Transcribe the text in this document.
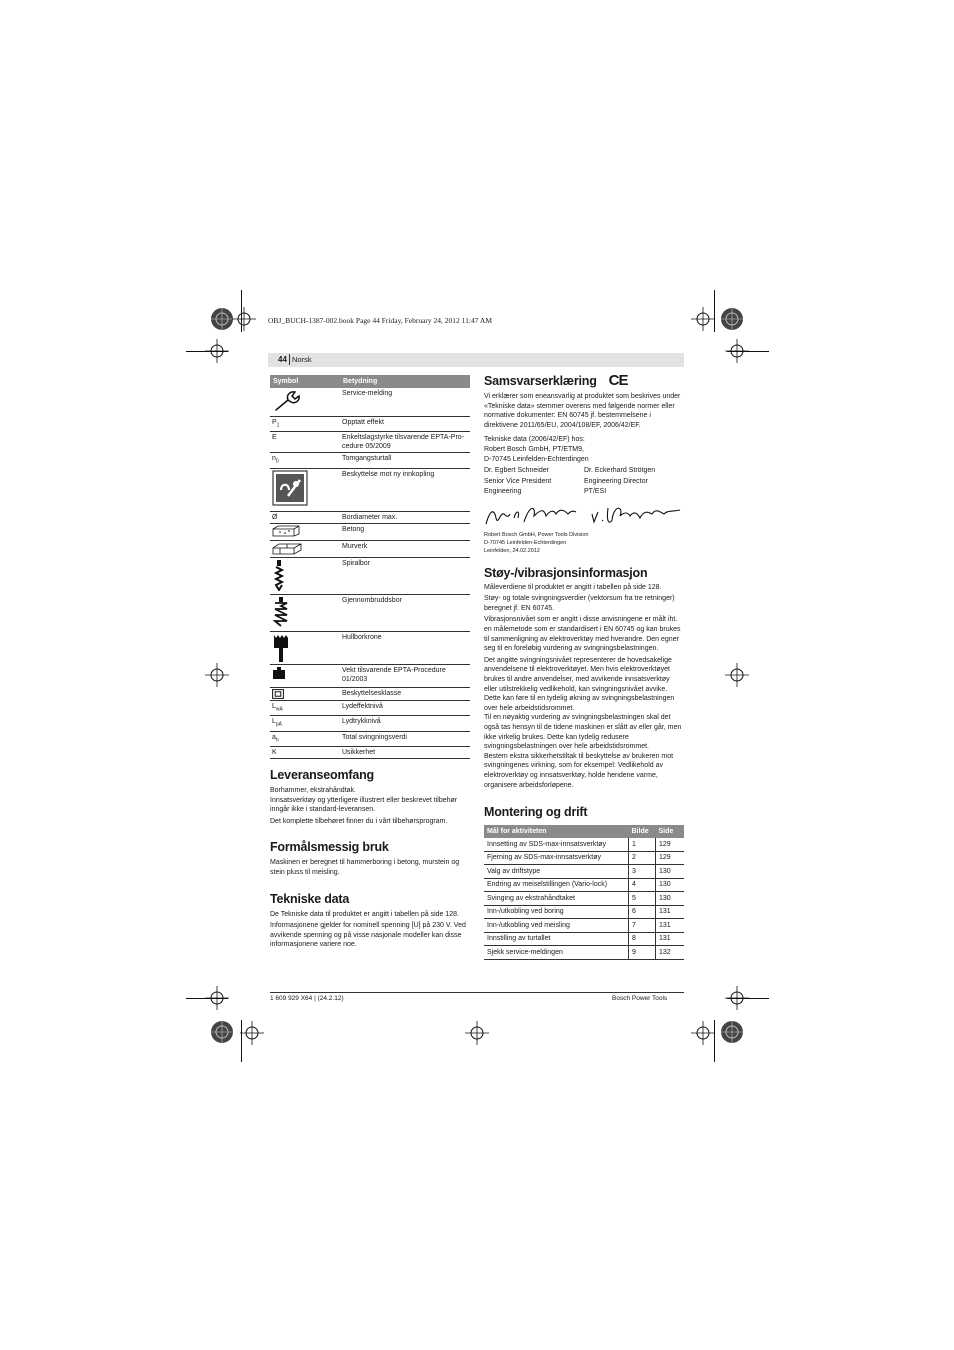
OBJ_BUCH-1387-002.book Page 44 Friday, February 24, 2012 11:47 AM
44 Norsk
Symbol	Betydning

	Service-melding
$P_1$	Opptatt effekt
E	Enkeltslagstyrke tilsvarende EPTA-Pro-
cedure 05/2009
$n_0$	Tomgangsturtall

	Beskyttelse mot ny innkopling
Ø	Bordiameter max.

	Betong

	Murverk

	Spiralbor

	Gjennombruddsbor

	Hullborkrone

	Vekt tilsvarende EPTA-Procedure
01/2003

	Beskyttelsesklasse
$L_{wA}$	Lydeffektnivå
$L_{pA}$	Lydtrykknivå
$a_h$	Total svingningsverdi
K	Usikkerhet
Leveranseomfang

Borhammer, ekstrahåndtak.

Innsatsverktøy og ytterligere illustrert eller beskrevet tilbehør inngår ikke i standard-leveransen.

Det komplette tilbehøret finner du i vårt tilbehørsprogram.

Formålsmessig bruk

Maskinen er beregnet til hammerboring i betong, murstein og stein pluss til meisling.

Tekniske data

De Tekniske data til produktet er angitt i tabellen på side 128.

Informasjonene gjelder for nominell spenning [U] på 230 V. Ved avvikende spenning og på visse nasjonale modeller kan disse informasjonene variere noe.

Samsvarserklæring CE

Vi erklærer som eneansvarlig at produktet som beskrives under «Tekniske data» stemmer overens med følgende normer eller normative dokumenter: EN 60745 jf. bestemmelsene i direktivene 2011/65/EU, 2004/108/EF, 2006/42/EF.

Tekniske data (2006/42/EF) hos:

Robert Bosch GmbH, PT/ETM9,

D-70745 Leinfelden-Echterdingen

Dr. Egbert Schneider
Senior Vice President
Engineering
Dr. Eckerhard Strötgen
Engineering Director
PT/ESI
Robert Bosch GmbH, Power Tools Division
D-70745 Leinfelden-Echterdingen
Leinfelden, 24.02.2012
Støy-/vibrasjonsinformasjon

Måleverdiene til produktet er angitt i tabellen på side 128.

Støy- og totale svingningsverdier (vektorsum fra tre retninger) beregnet jf. EN 60745.

Vibrasjonsnivået som er angitt i disse anvisningene er målt iht. en målemetode som er standardisert i EN 60745 og kan brukes til sammenligning av elektroverktøy med hverandre. Den egner seg til en foreløbig vurdering av svingningsbelastningen.

Det angitte svingningsnivået representerer de hovedsakelige anvendelsene til elektroverktøyet. Men hvis elektroverktøyet brukes til andre anvendelser, med avvikende innsatsverktøy eller utilstrekkelig vedlikehold, kan svingningsnivået avvike. Dette kan føre til en tydelig økning av svingningsbelastningen over hele arbeidstidsrommet.

Til en nøyaktig vurdering av svingningsbelastningen skal det også tas hensyn til de tidene maskinen er slått av eller går, men ikke virkelig brukes. Dette kan tydelig redusere svingningsbelastningen over hele arbeidstidsrommet.

Bestem ekstra sikkerhetstiltak til beskyttelse av brukeren mot svingningenes virkning, som for eksempel: Vedlikehold av elektroverktøy og innsatsverktøy, holde hendene varme, organisere arbeidsforløpene.

Montering og drift
Mål for aktiviteten	Bilde	Side
Innsetting av SDS-max-innsatsverktøy	1	129
Fjerning av SDS-max-innsatsverktøy	2	129
Valg av driftstype	3	130
Endring av meiselstillingen (Vario-lock)	4	130
Svinging av ekstrahåndtaket	5	130
Inn-/utkobling ved boring	6	131
Inn-/utkobling ved meisling	7	131
Innstilling av turtallet	8	131
Sjekk service-meldingen	9	132
1 609 929 X64 | (24.2.12)	Bosch Power Tools
